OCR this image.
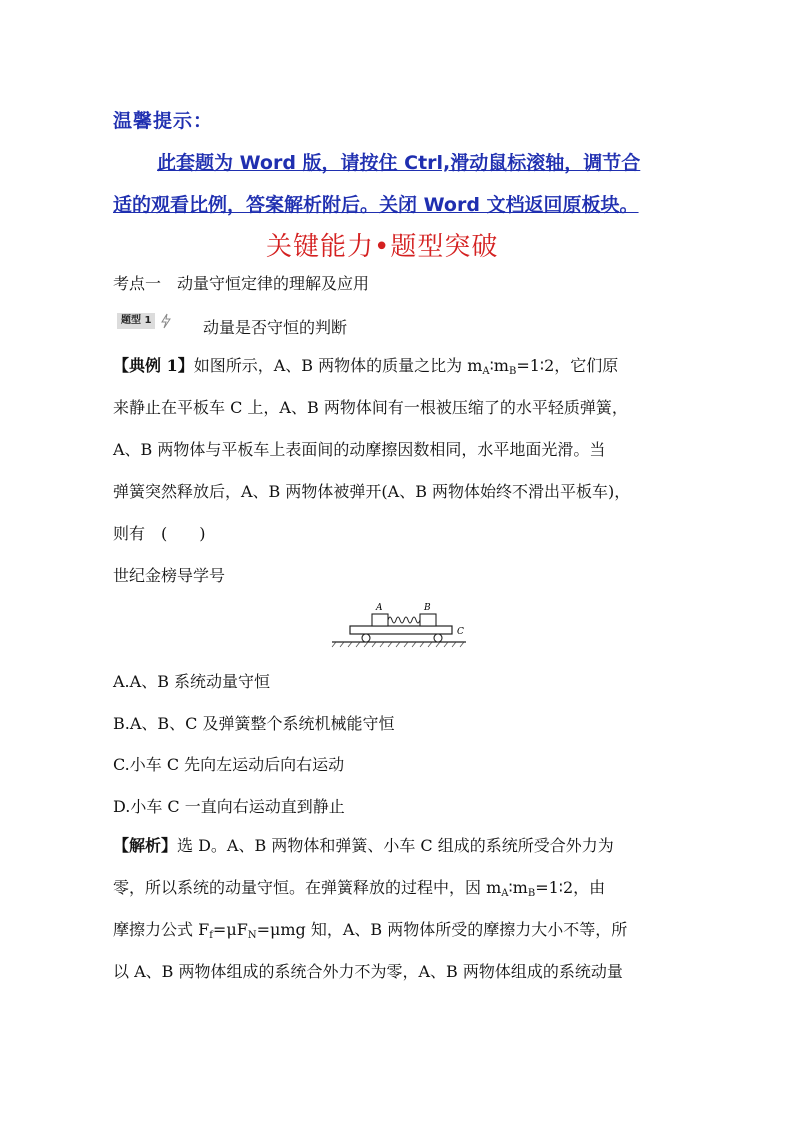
温馨提示：
此套题为 Word 版，请按住 Ctrl,滑动鼠标滚轴，调节合
适的观看比例，答案解析附后。关闭 Word 文档返回原板块。
关键能力•题型突破
考点一　动量守恒定律的理解及应用
题型 1	动量是否守恒的判断
【典例 1】如图所示，A、B 两物体的质量之比为 $m_A∶m_B=1∶2$，它们原
来静止在平板车 C 上，A、B 两物体间有一根被压缩了的水平轻质弹簧，
A、B 两物体与平板车上表面间的动摩擦因数相同，水平地面光滑。当
弹簧突然释放后，A、B 两物体被弹开(A、B 两物体始终不滑出平板车)，
则有　(　　)
世纪金榜导学号
A	B
C
A.A、B 系统动量守恒
B.A、B、C 及弹簧整个系统机械能守恒
C.小车 C 先向左运动后向右运动
D.小车 C 一直向右运动直到静止
【解析】选 D。A、B 两物体和弹簧、小车 C 组成的系统所受合外力为
零，所以系统的动量守恒。在弹簧释放的过程中，因 $m_A∶m_B=1∶2$，由
摩擦力公式 $F_f=\mu F_N=\mu mg$ 知，A、B 两物体所受的摩擦力大小不等，所
以 A、B 两物体组成的系统合外力不为零，A、B 两物体组成的系统动量
